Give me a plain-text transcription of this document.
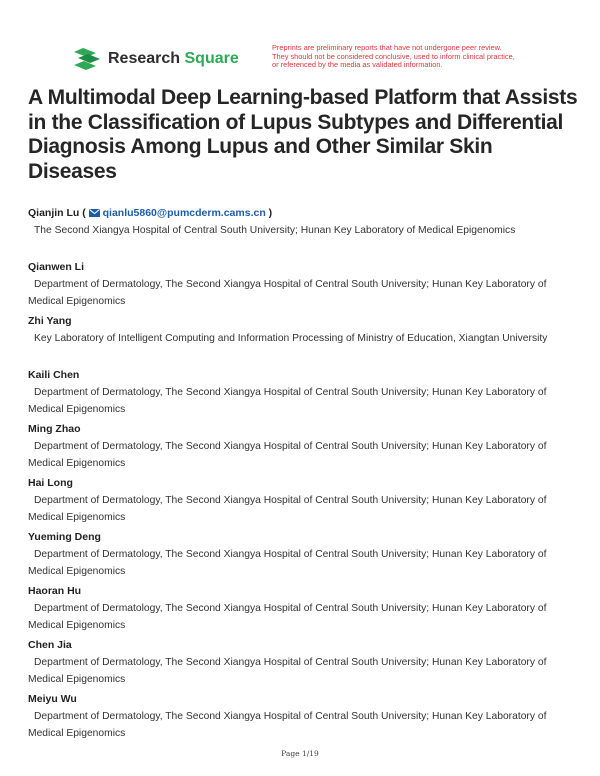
Research Square
Preprints are preliminary reports that have not undergone peer review.
They should not be considered conclusive, used to inform clinical practice,
or referenced by the media as validated information.
A Multimodal Deep Learning-based Platform that Assists in the Classification of Lupus Subtypes and Differential Diagnosis Among Lupus and Other Similar Skin Diseases
Qianjin Lu ( qianlu5860@pumcderm.cams.cn )
The Second Xiangya Hospital of Central South University; Hunan Key Laboratory of Medical Epigenomics
Qianwen Li
Department of Dermatology, The Second Xiangya Hospital of Central South University; Hunan Key Laboratory of Medical Epigenomics
Zhi Yang
Key Laboratory of Intelligent Computing and Information Processing of Ministry of Education, Xiangtan University
Kaili Chen
Department of Dermatology, The Second Xiangya Hospital of Central South University; Hunan Key Laboratory of Medical Epigenomics
Ming Zhao
Department of Dermatology, The Second Xiangya Hospital of Central South University; Hunan Key Laboratory of Medical Epigenomics
Hai Long
Department of Dermatology, The Second Xiangya Hospital of Central South University; Hunan Key Laboratory of Medical Epigenomics
Yueming Deng
Department of Dermatology, The Second Xiangya Hospital of Central South University; Hunan Key Laboratory of Medical Epigenomics
Haoran Hu
Department of Dermatology, The Second Xiangya Hospital of Central South University; Hunan Key Laboratory of Medical Epigenomics
Chen Jia
Department of Dermatology, The Second Xiangya Hospital of Central South University; Hunan Key Laboratory of Medical Epigenomics
Meiyu Wu
Department of Dermatology, The Second Xiangya Hospital of Central South University; Hunan Key Laboratory of Medical Epigenomics
Page 1/19
